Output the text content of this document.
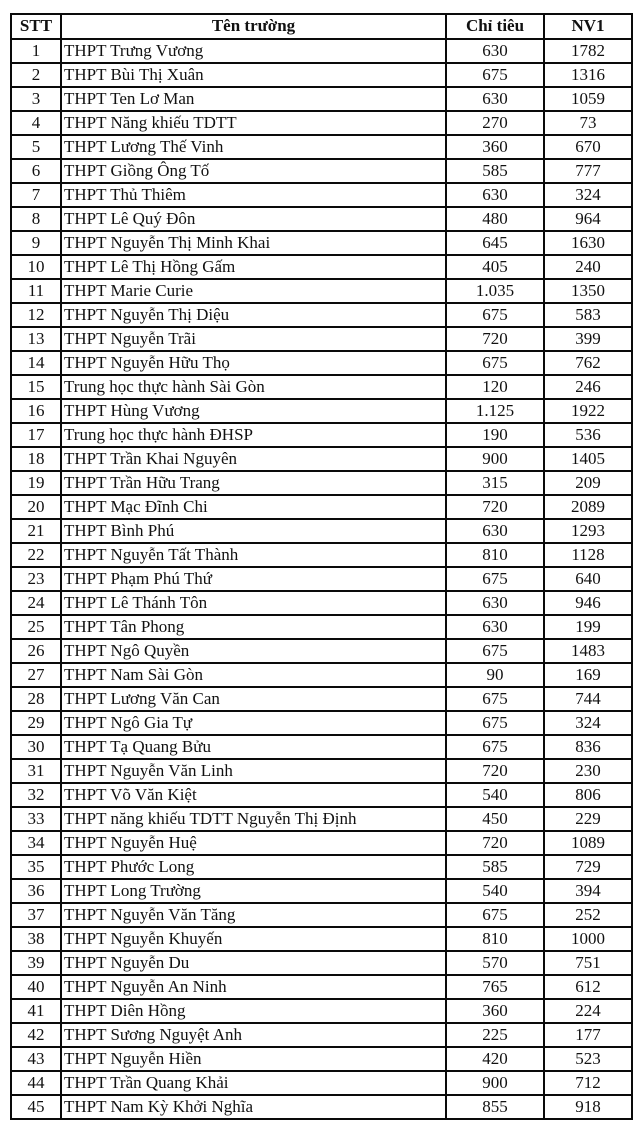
STT	Tên trường	Chỉ tiêu	NV1
1	THPT Trưng Vương	630	1782
2	THPT Bùi Thị Xuân	675	1316
3	THPT Ten Lơ Man	630	1059
4	THPT Năng khiếu TDTT	270	73
5	THPT Lương Thế Vinh	360	670
6	THPT Giồng Ông Tố	585	777
7	THPT Thủ Thiêm	630	324
8	THPT Lê Quý Đôn	480	964
9	THPT Nguyễn Thị Minh Khai	645	1630
10	THPT Lê Thị Hồng Gấm	405	240
11	THPT Marie Curie	1.035	1350
12	THPT Nguyễn Thị Diệu	675	583
13	THPT Nguyễn Trãi	720	399
14	THPT Nguyễn Hữu Thọ	675	762
15	Trung học thực hành Sài Gòn	120	246
16	THPT Hùng Vương	1.125	1922
17	Trung học thực hành ĐHSP	190	536
18	THPT Trần Khai Nguyên	900	1405
19	THPT Trần Hữu Trang	315	209
20	THPT Mạc Đĩnh Chi	720	2089
21	THPT Bình Phú	630	1293
22	THPT Nguyễn Tất Thành	810	1128
23	THPT Phạm Phú Thứ	675	640
24	THPT Lê Thánh Tôn	630	946
25	THPT Tân Phong	630	199
26	THPT Ngô Quyền	675	1483
27	THPT Nam Sài Gòn	90	169
28	THPT Lương Văn Can	675	744
29	THPT Ngô Gia Tự	675	324
30	THPT Tạ Quang Bửu	675	836
31	THPT Nguyễn Văn Linh	720	230
32	THPT Võ Văn Kiệt	540	806
33	THPT năng khiếu TDTT Nguyễn Thị Định	450	229
34	THPT Nguyễn Huệ	720	1089
35	THPT Phước Long	585	729
36	THPT Long Trường	540	394
37	THPT Nguyễn Văn Tăng	675	252
38	THPT Nguyễn Khuyến	810	1000
39	THPT Nguyễn Du	570	751
40	THPT Nguyễn An Ninh	765	612
41	THPT Diên Hồng	360	224
42	THPT Sương Nguyệt Anh	225	177
43	THPT Nguyễn Hiền	420	523
44	THPT Trần Quang Khải	900	712
45	THPT Nam Kỳ Khởi Nghĩa	855	918
